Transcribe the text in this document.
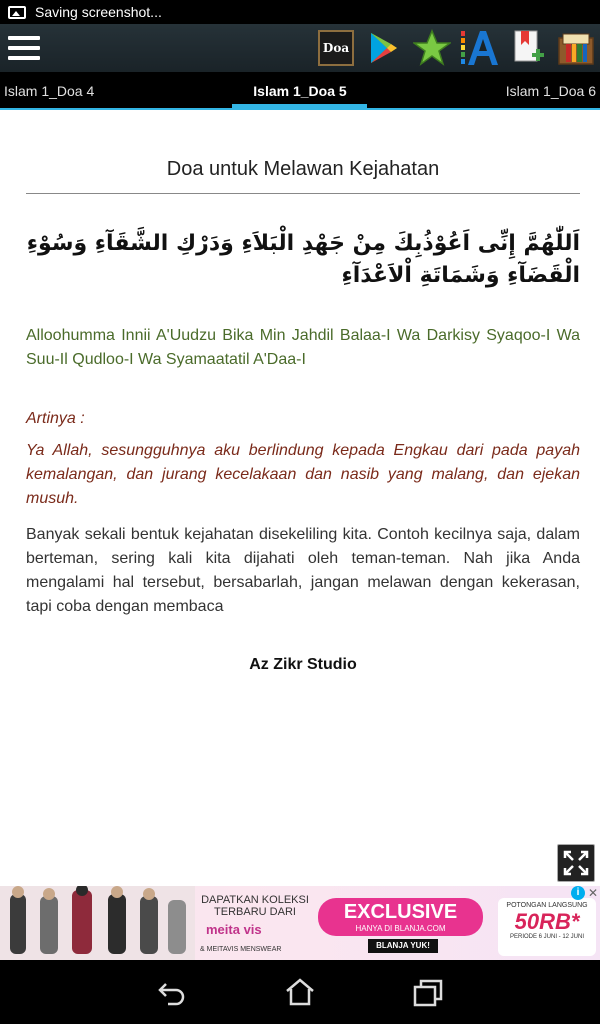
Saving screenshot...
Doa
Islam 1_Doa 4	Islam 1_Doa 5	Islam 1_Doa 6
Doa untuk Melawan Kejahatan
اَللّٰهُمَّ إِنِّى اَعُوْذُبِكَ مِنْ جَهْدِ الْبَلاَءِ وَدَرْكِ الشَّقَآءِ وَسُوْءِ الْقَضَآءِ وَشَمَاتَةِ اْلاَعْدَآءِ
Alloohumma Innii A'Uudzu Bika Min Jahdil Balaa-I Wa Darkisy Syaqoo-I Wa Suu-Il Qudloo-I Wa Syamaatatil A'Daa-I
Artinya :
Ya Allah, sesungguhnya aku berlindung kepada Engkau dari pada payah kemalangan, dan jurang kecelakaan dan nasib yang malang, dan ejekan musuh.
Banyak sekali bentuk kejahatan disekeliling kita. Contoh kecilnya saja, dalam berteman, sering kali kita dijahati oleh teman-teman. Nah jika Anda mengalami hal tersebut, bersabarlah, jangan melawan dengan kekerasan, tapi coba dengan membaca
Az Zikr Studio
DAPATKAN KOLEKSI TERBARU DARI
meita vis
& MEITAVIS MENSWEAR
EXCLUSIVE
HANYA DI BLANJA.COM
BLANJA YUK!
POTONGAN LANGSUNG
50RB*
PERIODE 6 JUNI - 12 JUNI
i ✕
